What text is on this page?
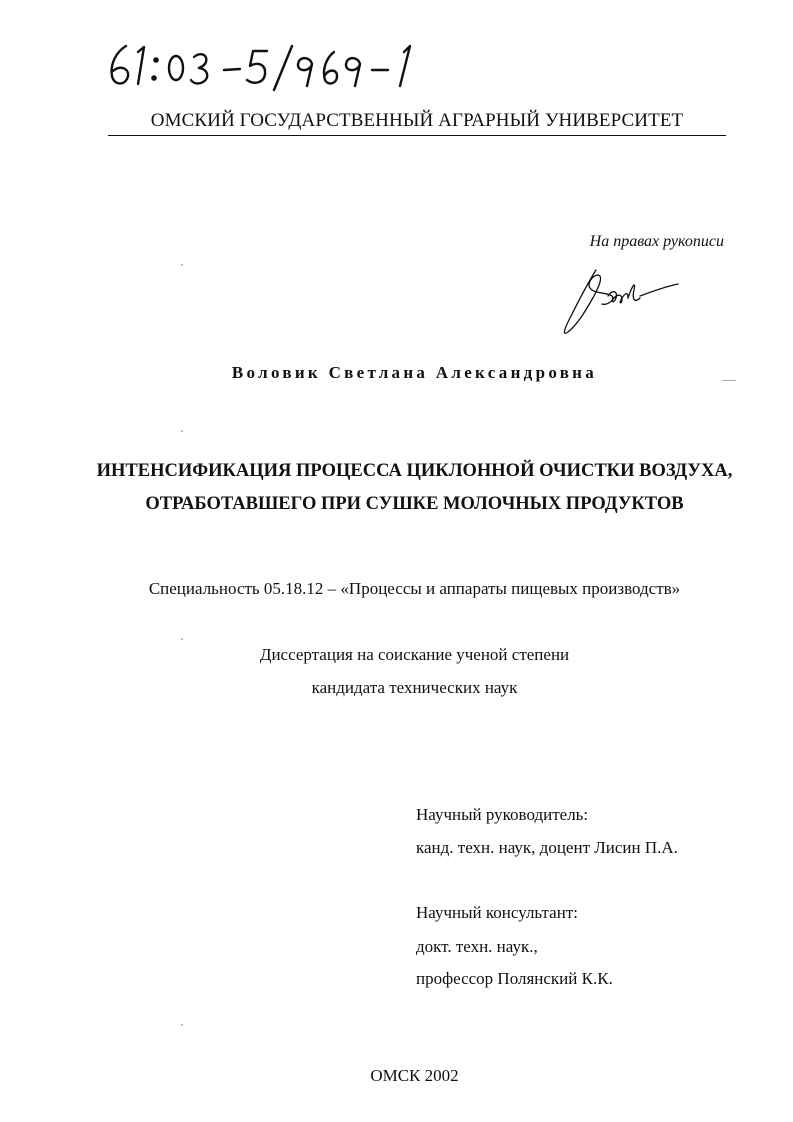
ОМСКИЙ ГОСУДАРСТВЕННЫЙ АГРАРНЫЙ УНИВЕРСИТЕТ
На правах рукописи
Воловик Светлана Александровна
ИНТЕНСИФИКАЦИЯ ПРОЦЕССА ЦИКЛОННОЙ ОЧИСТКИ ВОЗДУХА,
ОТРАБОТАВШЕГО ПРИ СУШКЕ МОЛОЧНЫХ ПРОДУКТОВ
Специальность 05.18.12 – «Процессы и аппараты пищевых производств»
Диссертация на соискание ученой степени
кандидата технических наук
Научный руководитель:
канд. техн. наук, доцент Лисин П.А.
Научный консультант:
докт. техн. наук.,
профессор Полянский К.К.
ОМСК 2002
